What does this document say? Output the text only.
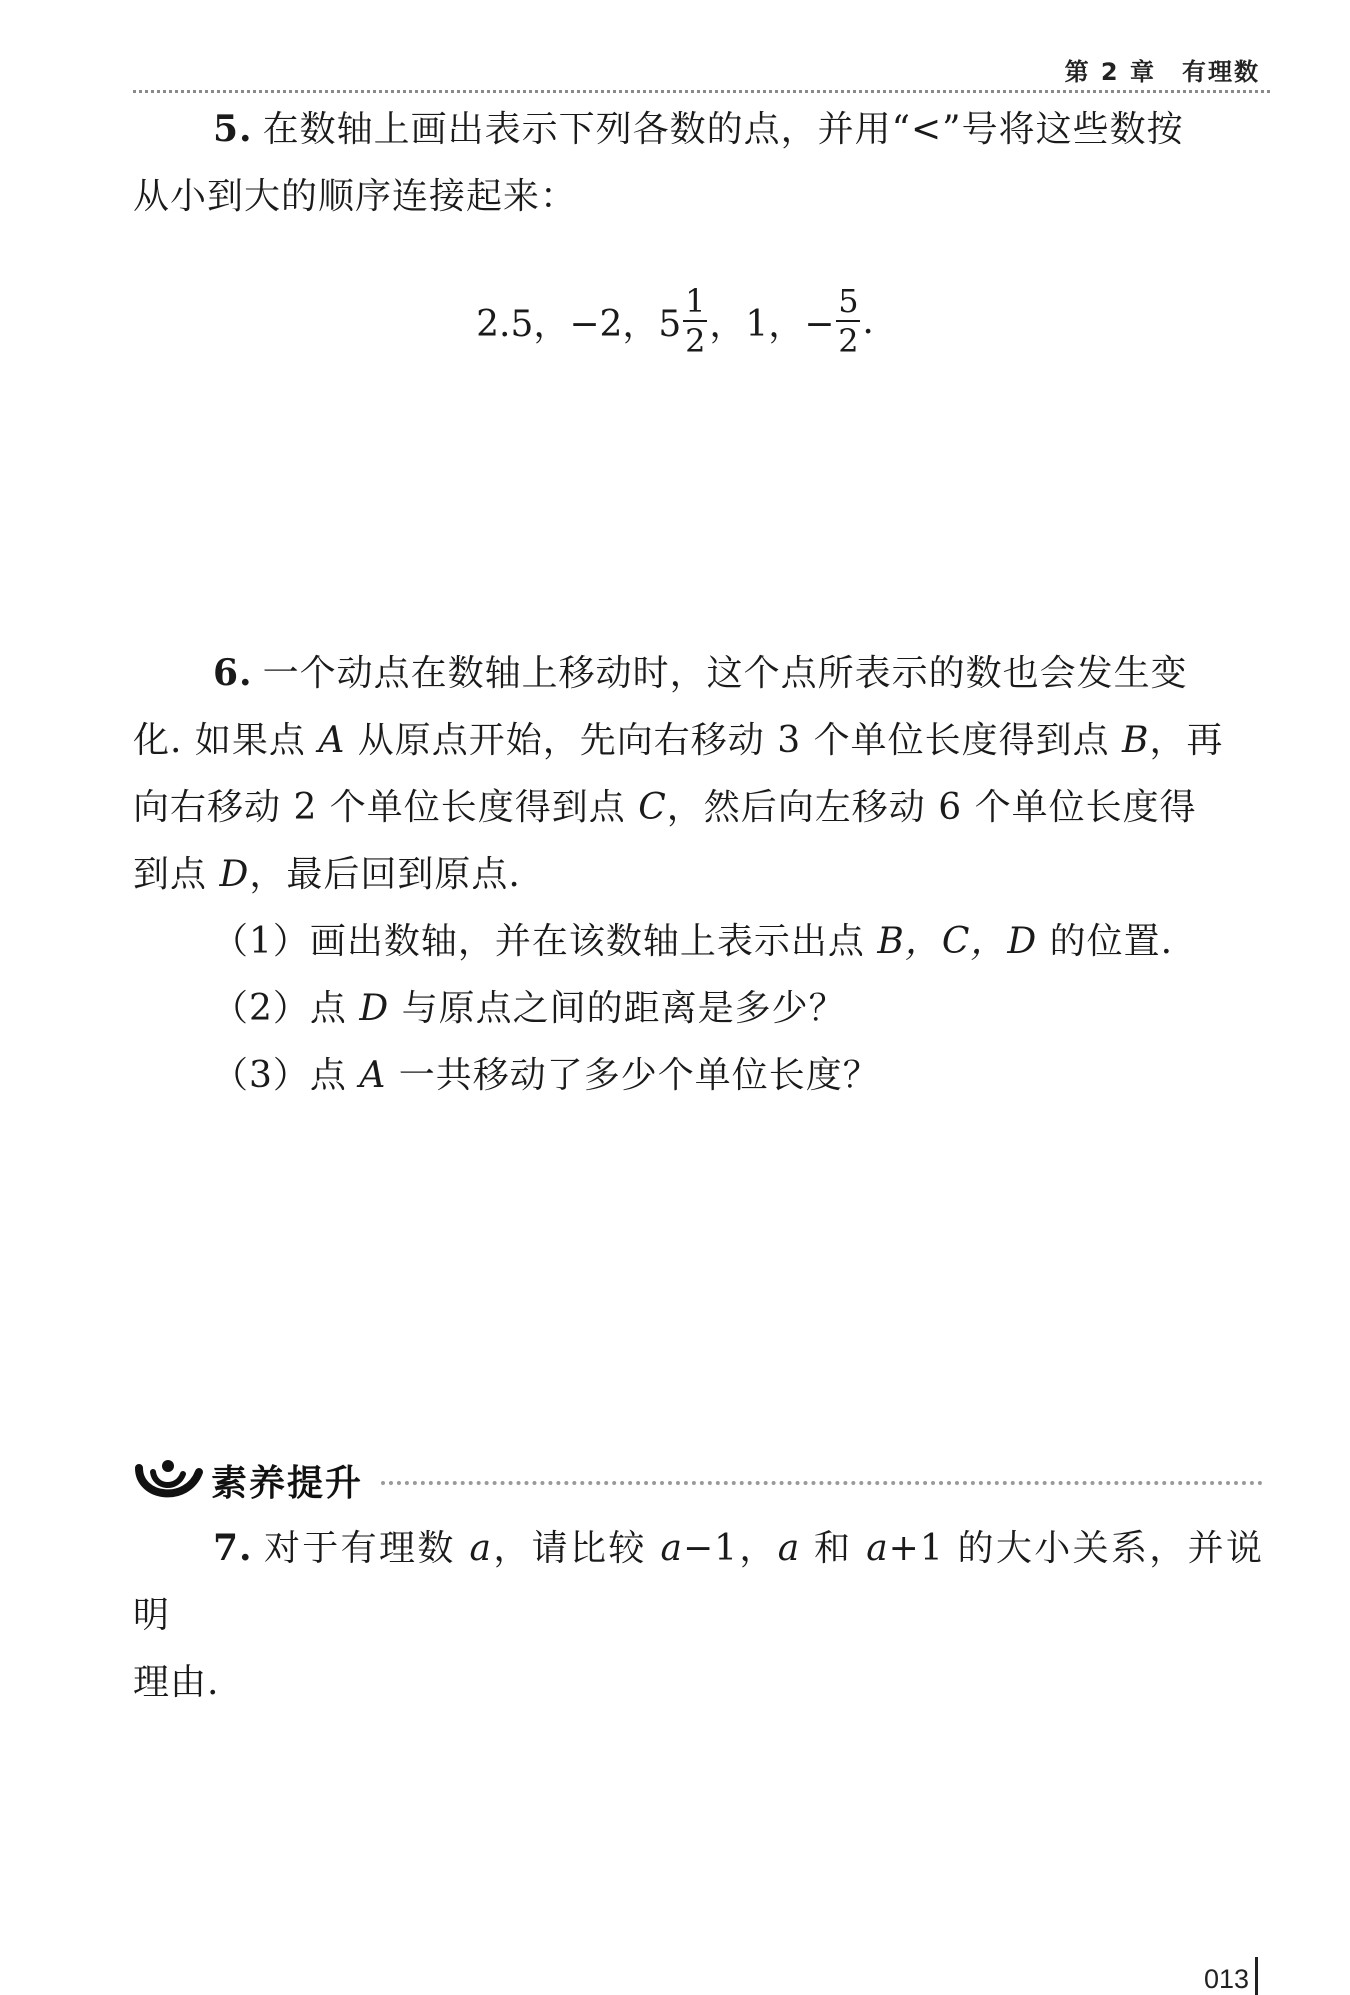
第 2 章 有理数
5. 在数轴上画出表示下列各数的点，并用“<”号将这些数按
从小到大的顺序连接起来：
2.5，−2，$5 \frac{1}{2}$ ，1，− $\frac{5}{2}$ .
6. 一个动点在数轴上移动时，这个点所表示的数也会发生变
化. 如果点 A 从原点开始，先向右移动 3 个单位长度得到点 B，再
向右移动 2 个单位长度得到点 C，然后向左移动 6 个单位长度得
到点 D，最后回到原点.
（1）画出数轴，并在该数轴上表示出点 B，C，D 的位置.
（2）点 D 与原点之间的距离是多少？
（3）点 A 一共移动了多少个单位长度？
素养提升
7. 对于有理数 a，请比较 a−1，a 和 a+1 的大小关系，并说明
理由.
013
